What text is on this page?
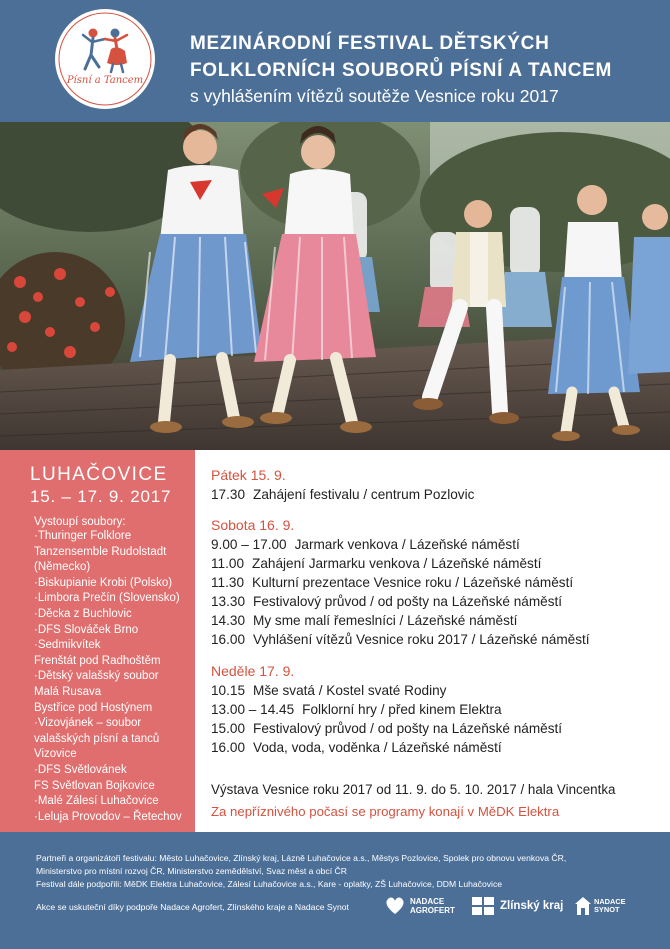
Písní a Tancem
MEZINÁRODNÍ FESTIVAL DĚTSKÝCH
FOLKLORNÍCH SOUBORŮ PÍSNÍ A TANCEM
s vyhlášením vítězů soutěže Vesnice roku 2017
LUHAČOVICE
15. – 17. 9. 2017
Vystoupí soubory:
· Thuringer Folklore
Tanzensemble Rudolstadt
(Německo)
· Biskupianie Krobi (Polsko)
· Limbora Prečín (Slovensko)
· Děcka z Buchlovic
· DFS Slováček Brno
· Sedmikvítek
Frenštát pod Radhoštěm
· Dětský valašský soubor
Malá Rusava
Bystřice pod Hostýnem
· Vizovjánek – soubor
valašských písní a tanců
Vizovice
· DFS Světlovánek
FS Světlovan Bojkovice
· Malé Zálesí Luhačovice
· Leluja Provodov – Řetechov
Pátek 15. 9.
17.30 Zahájení festivalu / centrum Pozlovic
Sobota 16. 9.
9.00 – 17.00 Jarmark venkova / Lázeňské náměstí
11.00 Zahájení Jarmarku venkova / Lázeňské náměstí
11.30 Kulturní prezentace Vesnice roku / Lázeňské náměstí
13.30 Festivalový průvod / od pošty na Lázeňské náměstí
14.30 My sme malí řemeslníci / Lázeňské náměstí
16.00 Vyhlášení vítězů Vesnice roku 2017 / Lázeňské náměstí
Neděle 17. 9.
10.15 Mše svatá / Kostel svaté Rodiny
13.00 – 14.45 Folklorní hry / před kinem Elektra
15.00 Festivalový průvod / od pošty na Lázeňské náměstí
16.00 Voda, voda, voděnka / Lázeňské náměstí
Výstava Vesnice roku 2017 od 11. 9. do 5. 10. 2017 / hala Vincentka
Za nepříznivého počasí se programy konají v MěDK Elektra

Partneři a organizátoři festivalu: Město Luhačovice, Zlínský kraj, Lázně Luhačovice a.s., Městys Pozlovice, Spolek pro obnovu venkova ČR,

Ministerstvo pro místní rozvoj ČR, Ministerstvo zemědělství, Svaz měst a obcí ČR

Festival dále podpořili: MěDK Elektra Luhačovice, Zálesí Luhačovice a.s., Kare - oplatky, ZŠ Luhačovice, DDM Luhačovice

Akce se uskuteční díky podpoře Nadace Agrofert, Zlínského kraje a Nadace Synot
NADACE
AGROFERT	Zlínský kraj	NADACE
SYNOT
